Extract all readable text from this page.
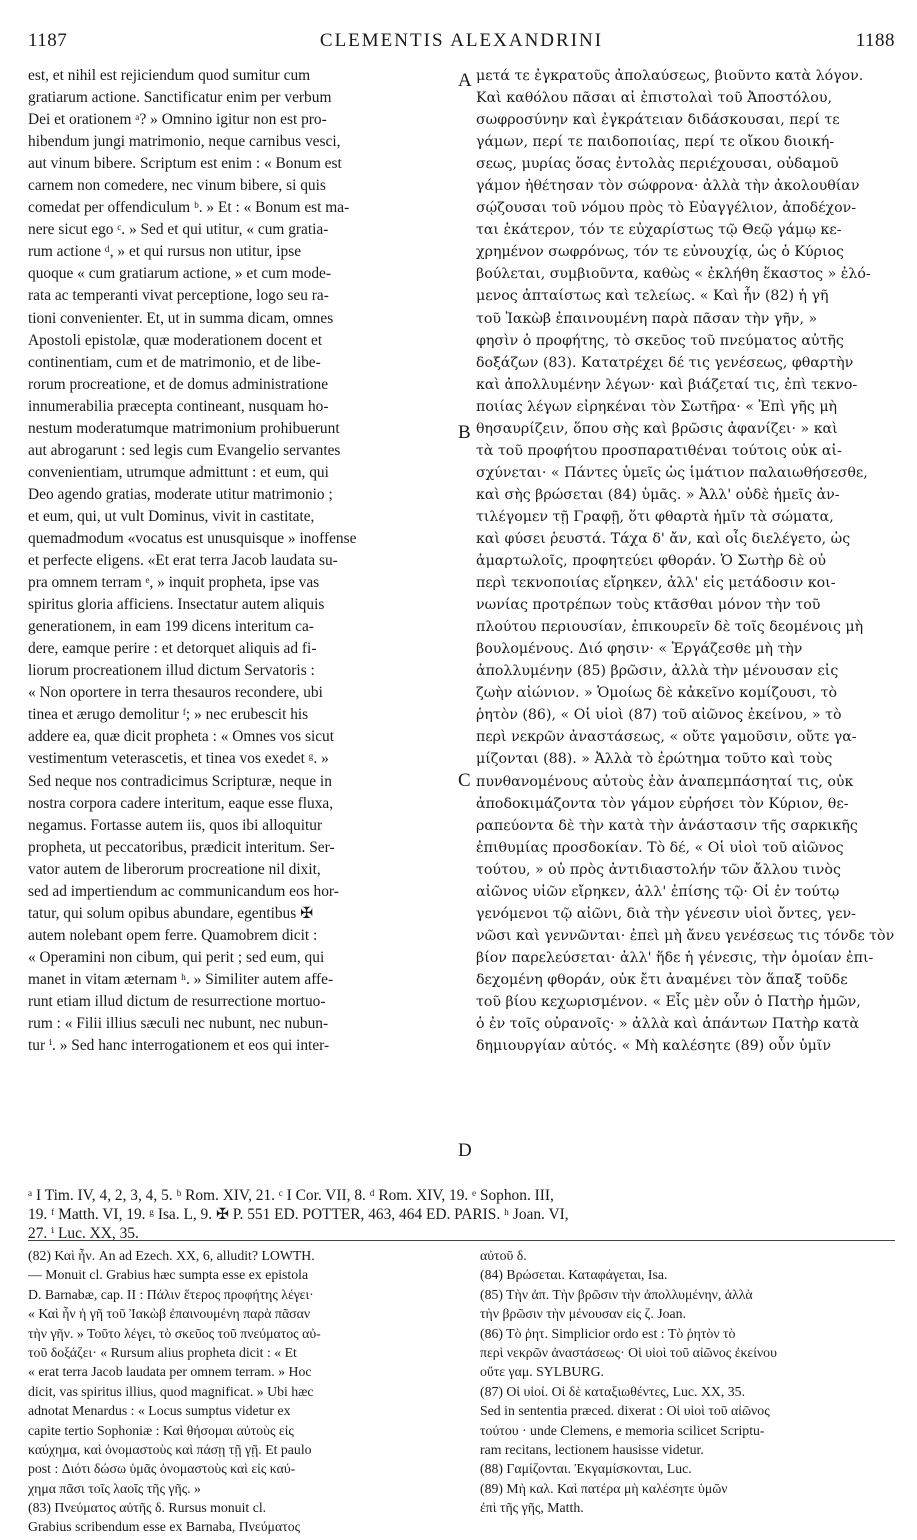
1187	CLEMENTIS ALEXANDRINI	1188
est, et nihil est rejiciendum quod sumitur cum
gratiarum actione. Sanctificatur enim per verbum
Dei et orationem ᵃ? » Omnino igitur non est pro-
hibendum jungi matrimonio, neque carnibus vesci,
aut vinum bibere. Scriptum est enim : « Bonum est
carnem non comedere, nec vinum bibere, si quis
comedat per offendiculum ᵇ. » Et : « Bonum est ma-
nere sicut ego ᶜ. » Sed et qui utitur, « cum gratia-
rum actione ᵈ, » et qui rursus non utitur, ipse
quoque « cum gratiarum actione, » et cum mode-
rata ac temperanti vivat perceptione, logo seu ra-
tioni convenienter. Et, ut in summa dicam, omnes
Apostoli epistolæ, quæ moderationem docent et
continentiam, cum et de matrimonio, et de libe-
rorum procreatione, et de domus administratione
innumerabilia præcepta contineant, nusquam ho-
nestum moderatumque matrimonium prohibuerunt
aut abrogarunt : sed legis cum Evangelio servantes
convenientiam, utrumque admittunt : et eum, qui
Deo agendo gratias, moderate utitur matrimonio ;
et eum, qui, ut vult Dominus, vivit in castitate,
quemadmodum «vocatus est unusquisque » inoffense
et perfecte eligens. «Et erat terra Jacob laudata su-
pra omnem terram ᵉ, » inquit propheta, ipse vas
spiritus gloria afficiens. Insectatur autem aliquis
generationem, in eam 199 dicens interitum ca-
dere, eamque perire : et detorquet aliquis ad fi-
liorum procreationem illud dictum Servatoris :
« Non oportere in terra thesauros recondere, ubi
tinea et ærugo demolitur ᶠ; » nec erubescit his
addere ea, quæ dicit propheta : « Omnes vos sicut
vestimentum veterascetis, et tinea vos exedet ᵍ. »
Sed neque nos contradicimus Scripturæ, neque in
nostra corpora cadere interitum, eaque esse fluxa,
negamus. Fortasse autem iis, quos ibi alloquitur
propheta, ut peccatoribus, prædicit interitum. Ser-
vator autem de liberorum procreatione nil dixit,
sed ad impertiendum ac communicandum eos hor-
tatur, qui solum opibus abundare, egentibus ✠
autem nolebant opem ferre. Quamobrem dicit :
« Operamini non cibum, qui perit ; sed eum, qui
manet in vitam æternam ʰ. » Similiter autem affe-
runt etiam illud dictum de resurrectione mortuo-
rum : « Filii illius sæculi nec nubunt, nec nubun-
tur ⁱ. » Sed hanc interrogationem et eos qui inter-
μετά τε ἐγκρατοῦς ἀπολαύσεως, βιοῦντο κατὰ λόγον.
Καὶ καθόλου πᾶσαι αἱ ἐπιστολαὶ τοῦ Ἀποστόλου,
σωφροσύνην καὶ ἐγκράτειαν διδάσκουσαι, περί τε
γάμων, περί τε παιδοποιίας, περί τε οἴκου διοική-
σεως, μυρίας ὅσας ἐντολὰς περιέχουσαι, οὐδαμοῦ
γάμον ἠθέτησαν τὸν σώφρονα· ἀλλὰ τὴν ἀκολουθίαν
σῴζουσαι τοῦ νόμου πρὸς τὸ Εὐαγγέλιον, ἀποδέχον-
ται ἑκάτερον, τόν τε εὐχαρίστως τῷ Θεῷ γάμῳ κε-
χρημένον σωφρόνως, τόν τε εὐνουχίᾳ, ὡς ὁ Κύριος
βούλεται, συμβιοῦντα, καθὼς « ἐκλήθη ἕκαστος » ἐλό-
μενος ἀπταίστως καὶ τελείως. « Καὶ ἦν (82) ἡ γῆ
τοῦ Ἰακὼβ ἐπαινουμένη παρὰ πᾶσαν τὴν γῆν, »
φησὶν ὁ προφήτης, τὸ σκεῦος τοῦ πνεύματος αὐτῆς
δοξάζων (83). Κατατρέχει δέ τις γενέσεως, φθαρτὴν
καὶ ἀπολλυμένην λέγων· καὶ βιάζεταί τις, ἐπὶ τεκνο-
ποιίας λέγων εἰρηκέναι τὸν Σωτῆρα· « Ἐπὶ γῆς μὴ
θησαυρίζειν, ὅπου σὴς καὶ βρῶσις ἀφανίζει· » καὶ
τὰ τοῦ προφήτου προσπαρατιθέναι τούτοις οὐκ αἰ-
σχύνεται· « Πάντες ὑμεῖς ὡς ἱμάτιον παλαιωθήσεσθε,
καὶ σὴς βρώσεται (84) ὑμᾶς. » Ἀλλ' οὐδὲ ἡμεῖς ἀν-
τιλέγομεν τῇ Γραφῇ, ὅτι φθαρτὰ ἡμῖν τὰ σώματα,
καὶ φύσει ῥευστά. Τάχα δ' ἄν, καὶ οἷς διελέγετο, ὡς
ἁμαρτωλοῖς, προφητεύει φθοράν. Ὁ Σωτὴρ δὲ οὐ
περὶ τεκνοποιίας εἴρηκεν, ἀλλ' εἰς μετάδοσιν κοι-
νωνίας προτρέπων τοὺς κτᾶσθαι μόνον τὴν τοῦ
πλούτου περιουσίαν, ἐπικουρεῖν δὲ τοῖς δεομένοις μὴ
βουλομένους. Διό φησιν· « Ἐργάζεσθε μὴ τὴν
ἀπολλυμένην (85) βρῶσιν, ἀλλὰ τὴν μένουσαν εἰς
ζωὴν αἰώνιον. » Ὁμοίως δὲ κἀκεῖνο κομίζουσι, τὸ
ῥητὸν (86), « Οἱ υἱοὶ (87) τοῦ αἰῶνος ἐκείνου, » τὸ
περὶ νεκρῶν ἀναστάσεως, « οὔτε γαμοῦσιν, οὔτε γα-
μίζονται (88). » Ἀλλὰ τὸ ἐρώτημα τοῦτο καὶ τοὺς
πυνθανομένους αὐτοὺς ἐὰν ἀναπεμπάσηταί τις, οὐκ
ἀποδοκιμάζοντα τὸν γάμον εὑρήσει τὸν Κύριον, θε-
ραπεύοντα δὲ τὴν κατὰ τὴν ἀνάστασιν τῆς σαρκικῆς
ἐπιθυμίας προσδοκίαν. Τὸ δέ, « Οἱ υἱοὶ τοῦ αἰῶνος
τούτου, » οὐ πρὸς ἀντιδιαστολήν τῶν ἄλλου τινὸς
αἰῶνος υἱῶν εἴρηκεν, ἀλλ' ἐπίσης τῷ· Οἱ ἐν τούτῳ
γενόμενοι τῷ αἰῶνι, διὰ τὴν γένεσιν υἱοὶ ὄντες, γεν-
νῶσι καὶ γεννῶνται· ἐπεὶ μὴ ἄνευ γενέσεως τις τόνδε τὸν
βίον παρελεύσεται· ἀλλ' ἥδε ἡ γένεσις, τὴν ὁμοίαν ἐπι-
δεχομένη φθοράν, οὐκ ἔτι ἀναμένει τὸν ἅπαξ τοῦδε
τοῦ βίου κεχωρισμένον. « Εἷς μὲν οὖν ὁ Πατὴρ ἡμῶν,
ὁ ἐν τοῖς οὐρανοῖς· » ἀλλὰ καὶ ἁπάντων Πατὴρ κατὰ
δημιουργίαν αὐτός. « Μὴ καλέσητε (89) οὖν ὑμῖν
A
B
C
D
ᵃ I Tim. IV, 4, 2, 3, 4, 5. ᵇ Rom. XIV, 21. ᶜ I Cor. VII, 8. ᵈ Rom. XIV, 19. ᵉ Sophon. III,
19. ᶠ Matth. VI, 19. ᵍ Isa. L, 9. ✠ P. 551 ED. POTTER, 463, 464 ED. PARIS. ʰ Joan. VI,
27. ⁱ Luc. XX, 35.
(82) Καὶ ἦν. An ad Ezech. XX, 6, alludit? LOWTH.
— Monuit cl. Grabius hæc sumpta esse ex epistola
D. Barnabæ, cap. II : Πάλιν ἕτερος προφήτης λέγει·
« Καὶ ἦν ἡ γῆ τοῦ Ἰακὼβ ἐπαινουμένη παρὰ πᾶσαν
τὴν γῆν. » Τοῦτο λέγει, τὸ σκεῦος τοῦ πνεύματος αὐ-
τοῦ δοξάζει· « Rursum alius propheta dicit : « Et
« erat terra Jacob laudata per omnem terram. » Hoc
dicit, vas spiritus illius, quod magnificat. » Ubi hæc
adnotat Menardus : « Locus sumptus videtur ex
capite tertio Sophoniæ : Καὶ θήσομαι αὐτοὺς εἰς
καύχημα, καὶ ὀνομαστοὺς καὶ πάσῃ τῇ γῇ. Et paulo
post : Διότι δώσω ὑμᾶς ὀνομαστοὺς καὶ εἰς καύ-
χημα πᾶσι τοῖς λαοῖς τῆς γῆς. »
(83) Πνεύματος αὐτῆς δ. Rursus monuit cl.
Grabius scribendum esse ex Barnaba, Πνεύματος
αὐτοῦ δ.
(84) Βρώσεται. Καταφάγεται, Isa.
(85) Τὴν ἀπ. Τὴν βρῶσιν τὴν ἀπολλυμένην, ἀλλὰ
τὴν βρῶσιν τὴν μένουσαν εἰς ζ. Joan.
(86) Τὸ ῥητ. Simplicior ordo est : Τὸ ῥητὸν τὸ
περὶ νεκρῶν ἀναστάσεως· Οἱ υἱοὶ τοῦ αἰῶνος ἐκείνου
οὔτε γαμ. SYLBURG.
(87) Οἱ υἱοί. Οἱ δὲ καταξιωθέντες, Luc. XX, 35.
Sed in sententia præced. dixerat : Οἱ υἱοὶ τοῦ αἰῶνος
τούτου · unde Clemens, e memoria scilicet Scriptu-
ram recitans, lectionem hausisse videtur.
(88) Γαμίζονται. Ἐκγαμίσκονται, Luc.
(89) Μὴ καλ. Καὶ πατέρα μὴ καλέσητε ὑμῶν
ἐπὶ τῆς γῆς, Matth.
